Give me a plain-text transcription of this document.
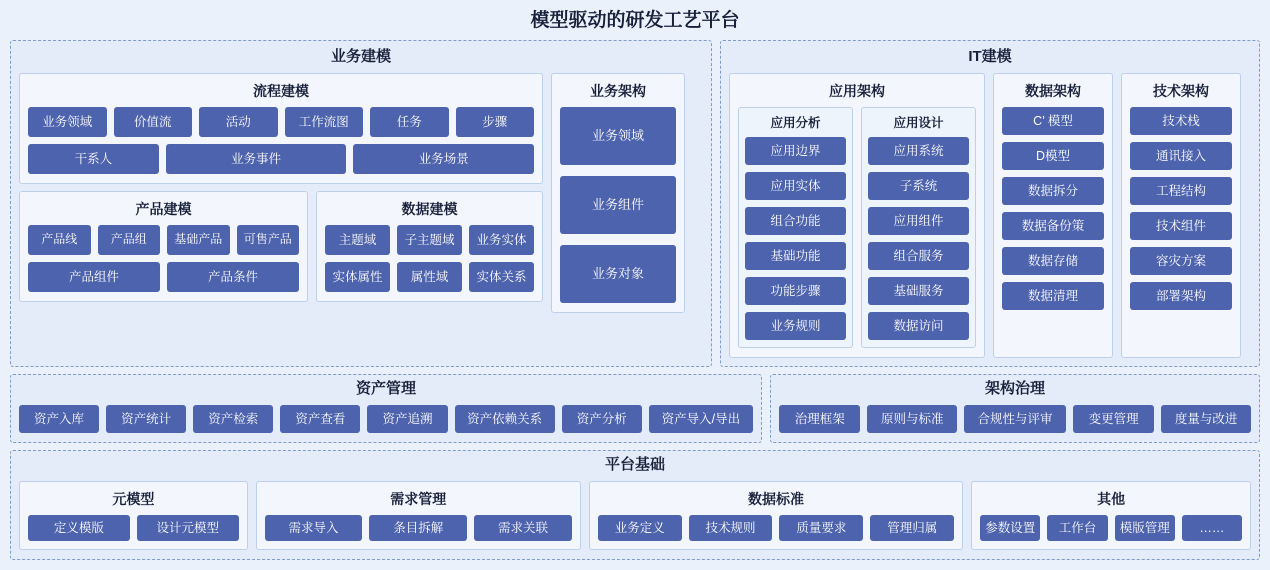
模型驱动的研发工艺平台
业务建模
流程建模
业务领域	价值流	活动	工作流图	任务	步骤
干系人	业务事件	业务场景
产品建模
产品线	产品组	基础产品	可售产品
产品组件	产品条件
数据建模
主题域	子主题域	业务实体
实体属性	属性域	实体关系
业务架构
业务领域
业务组件
业务对象
IT建模
应用架构
应用分析
应用边界
应用实体
组合功能
基础功能
功能步骤
业务规则
应用设计
应用系统
子系统
应用组件
组合服务
基础服务
数据访问
数据架构
C’ 模型
D模型
数据拆分
数据备份策
数据存储
数据清理
技术架构
技术栈
通讯接入
工程结构
技术组件
容灾方案
部署架构
资产管理
资产入库	资产统计	资产检索	资产查看	资产追溯	资产依赖关系	资产分析	资产导入/导出
架构治理
治理框架	原则与标准	合规性与评审	变更管理	度量与改进
平台基础
元模型
定义模版	设计元模型
需求管理
需求导入	条目拆解	需求关联
数据标准
业务定义	技术规则	质量要求	管理归属
其他
参数设置	工作台	模版管理	……
